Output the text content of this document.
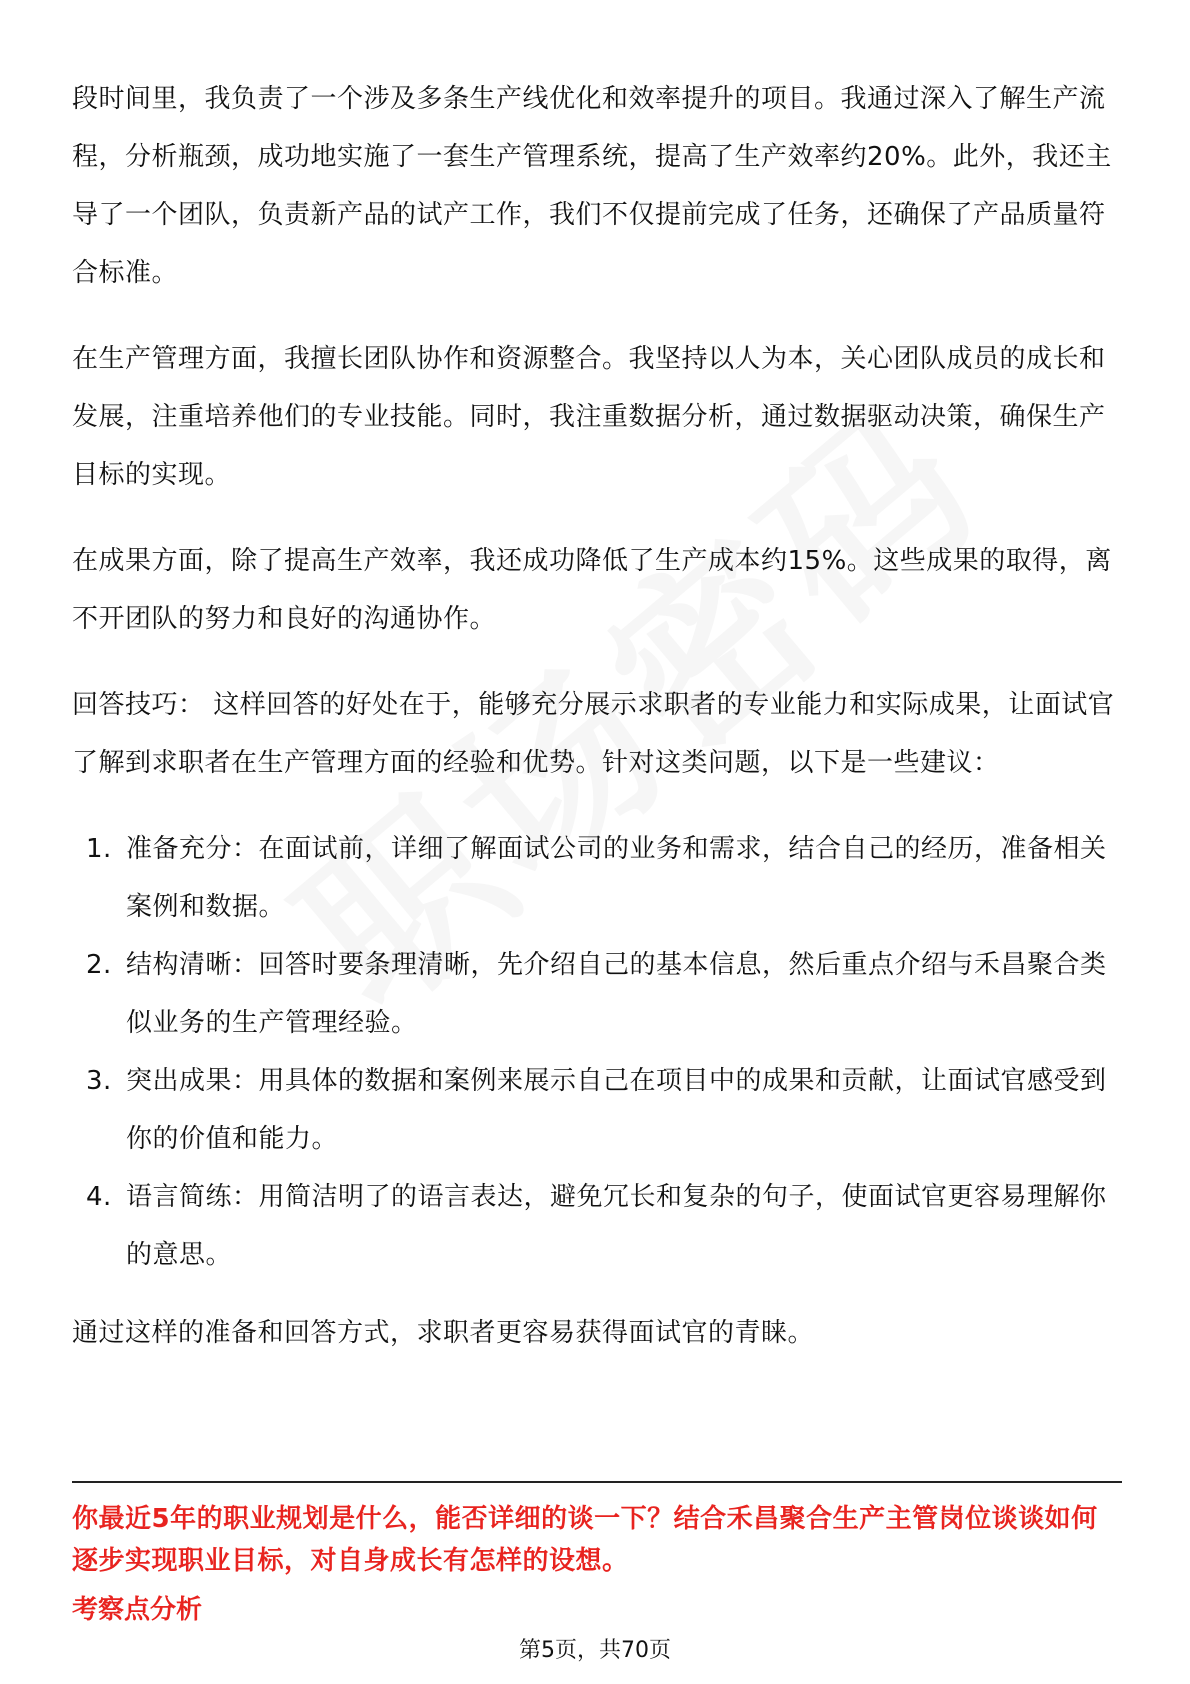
段时间里，我负责了一个涉及多条生产线优化和效率提升的项目。我通过深入了解生产流程，分析瓶颈，成功地实施了一套生产管理系统，提高了生产效率约20%。此外，我还主导了一个团队，负责新产品的试产工作，我们不仅提前完成了任务，还确保了产品质量符合标准。

在生产管理方面，我擅长团队协作和资源整合。我坚持以人为本，关心团队成员的成长和发展，注重培养他们的专业技能。同时，我注重数据分析，通过数据驱动决策，确保生产目标的实现。

在成果方面，除了提高生产效率，我还成功降低了生产成本约15%。这些成果的取得，离不开团队的努力和良好的沟通协作。

回答技巧： 这样回答的好处在于，能够充分展示求职者的专业能力和实际成果，让面试官了解到求职者在生产管理方面的经验和优势。针对这类问题，以下是一些建议：

1. 准备充分：在面试前，详细了解面试公司的业务和需求，结合自己的经历，准备相关案例和数据。
2. 结构清晰：回答时要条理清晰，先介绍自己的基本信息，然后重点介绍与禾昌聚合类似业务的生产管理经验。
3. 突出成果：用具体的数据和案例来展示自己在项目中的成果和贡献，让面试官感受到你的价值和能力。
4. 语言简练：用简洁明了的语言表达，避免冗长和复杂的句子，使面试官更容易理解你的意思。

通过这样的准备和回答方式，求职者更容易获得面试官的青睐。

你最近5年的职业规划是什么，能否详细的谈一下？结合禾昌聚合生产主管岗位谈谈如何逐步实现职业目标，对自身成长有怎样的设想。
考察点分析
第5页，共70页
